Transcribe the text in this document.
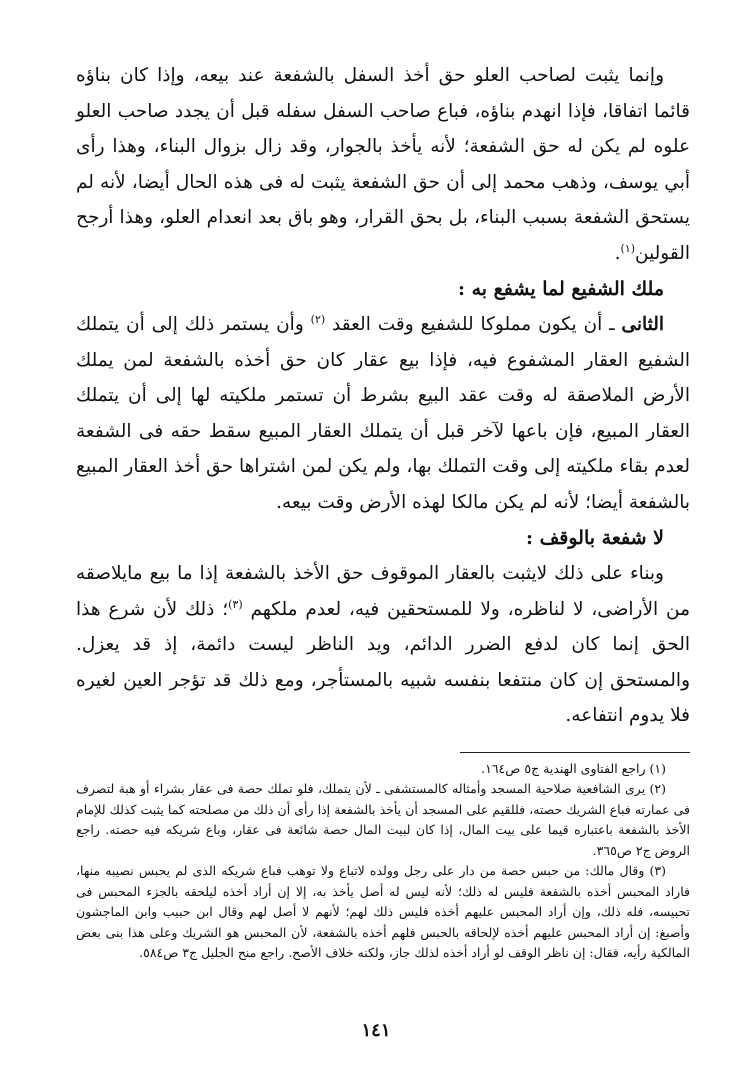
وإنما يثبت لصاحب العلو حق أخذ السفل بالشفعة عند بيعه، وإذا كان بناؤه قائما اتفاقا، فإذا انهدم بناؤه، فباع صاحب السفل سفله قبل أن يجدد صاحب العلو علوه لم يكن له حق الشفعة؛ لأنه يأخذ بالجوار، وقد زال بزوال البناء، وهذا رأى أبي يوسف، وذهب محمد إلى أن حق الشفعة يثبت له فى هذه الحال أيضا، لأنه لم يستحق الشفعة بسبب البناء، بل بحق القرار، وهو باق بعد انعدام العلو، وهذا أرجح القولين$^{(١)}$.

ملك الشفيع لما يشفع به :

الثانى ـ أن يكون مملوكا للشفيع وقت العقد $^{(٢)}$ وأن يستمر ذلك إلى أن يتملك الشفيع العقار المشفوع فيه، فإذا بيع عقار كان حق أخذه بالشفعة لمن يملك الأرض الملاصقة له وقت عقد البيع بشرط أن تستمر ملكيته لها إلى أن يتملك العقار المبيع، فإن باعها لآخر قبل أن يتملك العقار المبيع سقط حقه فى الشفعة لعدم بقاء ملكيته إلى وقت التملك بها، ولم يكن لمن اشتراها حق أخذ العقار المبيع بالشفعة أيضا؛ لأنه لم يكن مالكا لهذه الأرض وقت بيعه.

لا شفعة بالوقف :

وبناء على ذلك لايثبت بالعقار الموقوف حق الأخذ بالشفعة إذا ما بيع مايلاصقه من الأراضى، لا لناظره، ولا للمستحقين فيه، لعدم ملكهم $^{(٣)}$؛ ذلك لأن شرع هذا الحق إنما كان لدفع الضرر الدائم، ويد الناظر ليست دائمة، إذ قد يعزل. والمستحق إن كان منتفعا بنفسه شبيه بالمستأجر، ومع ذلك قد تؤجر العين لغيره فلا يدوم انتفاعه.

(١) راجع الفتاوى الهندية ج٥ ص١٦٤.

(٢) يرى الشافعية صلاحية المسجد وأمثاله كالمستشفى ـ لأن يتملك، فلو تملك حصة فى عقار بشراء أو هبة لتصرف فى عمارته فباع الشريك حصته، فللقيم على المسجد أن يأخذ بالشفعة إذا رأى أن ذلك من مصلحته كما يثبت كذلك للإمام الأخذ بالشفعة باعتباره قيما على بيت المال، إذا كان لبيت المال حصة شائعة فى عقار، وباع شريكه فيه حصته. راجع الروض ج٢ ص٣٦٥.

(٣) وقال مالك: من حبس حصة من دار على رجل وولده لاتباع ولا توهب فباع شريكه الذى لم يحبس نصيبه منها، فاراد المحبس أخذه بالشفعة فليس له ذلك؛ لأنه ليس له أصل يأخذ به، إلا إن أراد أخذه ليلحقه بالجزء المحبس فى تحبيسه، فله ذلك، وإن أراد المحبس عليهم أخذه فليس ذلك لهم؛ لأنهم لا أصل لهم وقال ابن حبيب وابن الماجشون وأصبغ: إن أراد المحبس عليهم أخذه لإلحاقه بالحبس فلهم أخذه بالشفعة، لأن المحبس هو الشريك وعلى هذا بنى بعض المالكية رأيه، فقال: إن ناظر الوقف لو أراد أخذه لذلك جاز، ولكنه خلاف الأصح. راجع منح الجليل ج٣ ص٥٨٤.

١٤١
